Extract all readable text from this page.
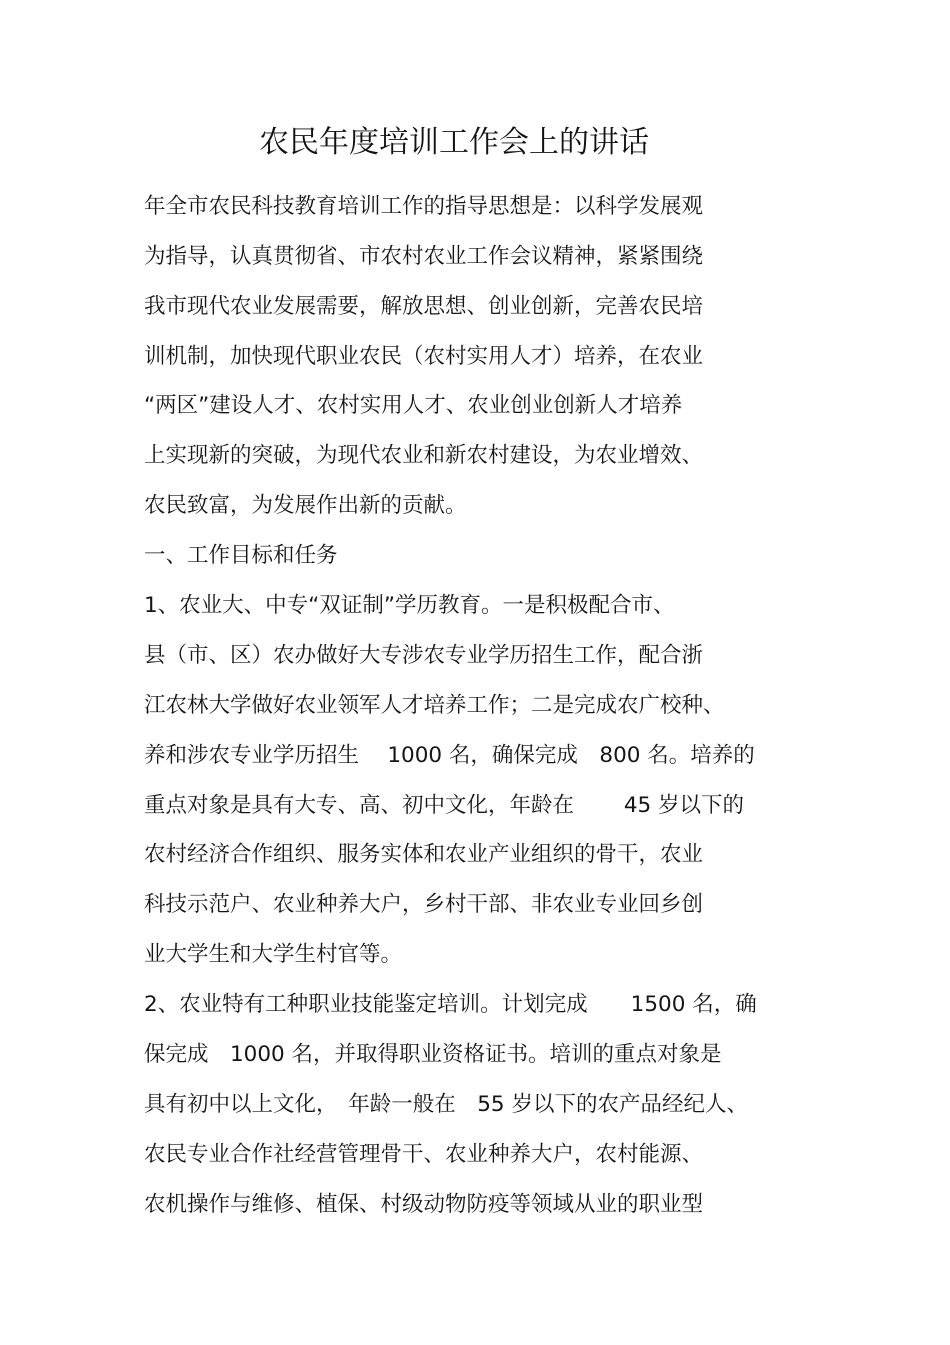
农民年度培训工作会上的讲话
年全市农民科技教育培训工作的指导思想是：以科学发展观
为指导，认真贯彻省、市农村农业工作会议精神，紧紧围绕
我市现代农业发展需要，解放思想、创业创新，完善农民培
训机制，加快现代职业农民（农村实用人才）培养，在农业
“两区”建设人才、农村实用人才、农业创业创新人才培养
上实现新的突破，为现代农业和新农村建设，为农业增效、
农民致富，为发展作出新的贡献。
一、工作目标和任务
1、农业大、中专“双证制”学历教育。一是积极配合市、
县（市、区）农办做好大专涉农专业学历招生工作，配合浙
江农林大学做好农业领军人才培养工作；二是完成农广校种、
养和涉农专业学历招生　 1000 名，确保完成　800 名。培养的
重点对象是具有大专、高、初中文化，年龄在　　 45 岁以下的
农村经济合作组织、服务实体和农业产业组织的骨干，农业
科技示范户、农业种养大户，乡村干部、非农业专业回乡创
业大学生和大学生村官等。
2、农业特有工种职业技能鉴定培训。计划完成　　1500 名，确
保完成　1000 名，并取得职业资格证书。培训的重点对象是
具有初中以上文化，　年龄一般在　55 岁以下的农产品经纪人、
农民专业合作社经营管理骨干、农业种养大户，农村能源、
农机操作与维修、植保、村级动物防疫等领域从业的职业型
